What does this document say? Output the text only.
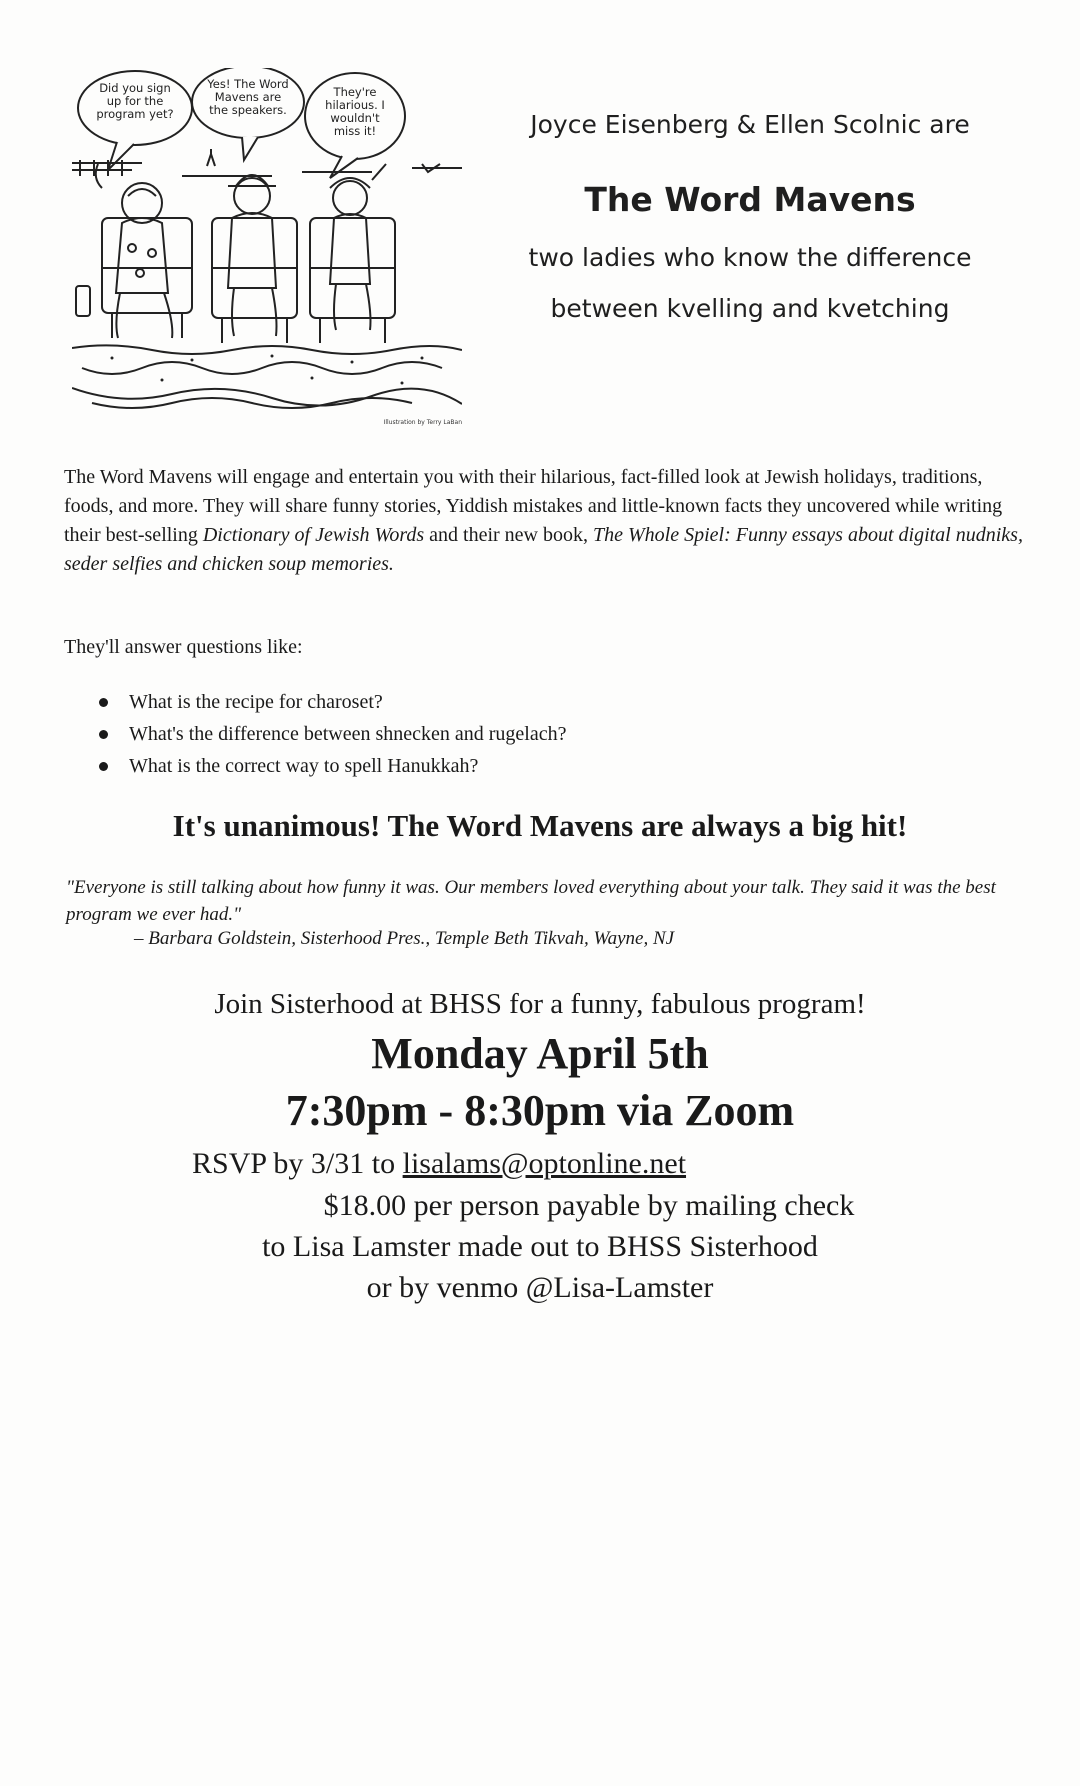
Did you sign up for the program yet?
Yes! The Word Mavens are the speakers.
They're hilarious. I wouldn't miss it!
Illustration by Terry LaBan
Joyce Eisenberg & Ellen Scolnic are
The Word Mavens
two ladies who know the difference
between kvelling and kvetching

The Word Mavens will engage and entertain you with their hilarious, fact-filled look at Jewish holidays, traditions, foods, and more. They will share funny stories, Yiddish mistakes and little-known facts they uncovered while writing their best-selling Dictionary of Jewish Words and their new book, The Whole Spiel: Funny essays about digital nudniks, seder selfies and chicken soup memories.

They'll answer questions like:

What is the recipe for charoset?
What's the difference between shnecken and rugelach?
What is the correct way to spell Hanukkah?

It's unanimous! The Word Mavens are always a big hit!

"Everyone is still talking about how funny it was. Our members loved everything about your talk. They said it was the best program we ever had."

– Barbara Goldstein, Sisterhood Pres., Temple Beth Tikvah, Wayne, NJ
Join Sisterhood at BHSS for a funny, fabulous program!
Monday April 5th
7:30pm - 8:30pm via Zoom
RSVP by 3/31 to lisalams@optonline.net
$18.00 per person payable by mailing check
to Lisa Lamster made out to BHSS Sisterhood
or by venmo @Lisa-Lamster
